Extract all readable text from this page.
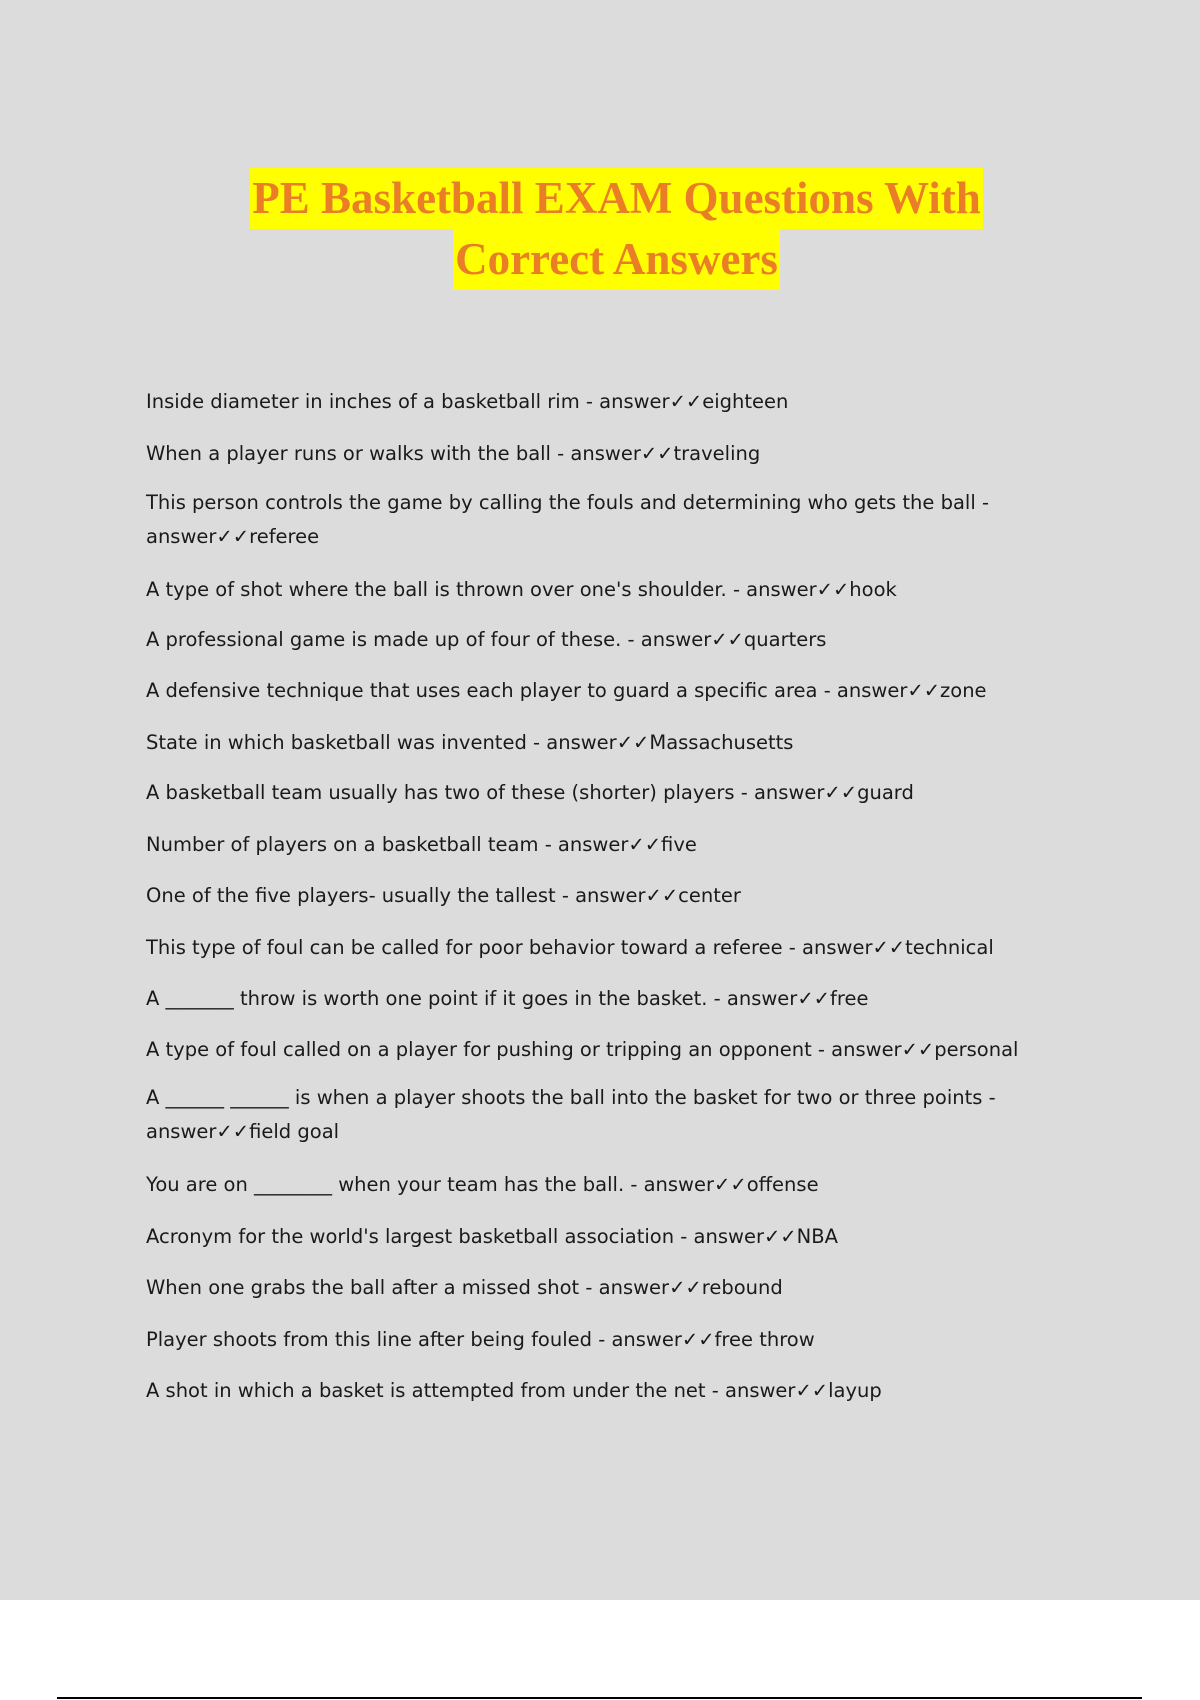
PE Basketball EXAM Questions With
Correct Answers
Inside diameter in inches of a basketball rim - answer✓✓eighteen
When a player runs or walks with the ball - answer✓✓traveling
This person controls the game by calling the fouls and determining who gets the ball - answer✓✓referee
A type of shot where the ball is thrown over one's shoulder. - answer✓✓hook
A professional game is made up of four of these. - answer✓✓quarters
A defensive technique that uses each player to guard a specific area - answer✓✓zone
State in which basketball was invented - answer✓✓Massachusetts
A basketball team usually has two of these (shorter) players - answer✓✓guard
Number of players on a basketball team - answer✓✓five
One of the five players- usually the tallest - answer✓✓center
This type of foul can be called for poor behavior toward a referee - answer✓✓technical
A _______ throw is worth one point if it goes in the basket. - answer✓✓free
A type of foul called on a player for pushing or tripping an opponent - answer✓✓personal
A ______ ______ is when a player shoots the ball into the basket for two or three points - answer✓✓field goal
You are on ________ when your team has the ball. - answer✓✓offense
Acronym for the world's largest basketball association - answer✓✓NBA
When one grabs the ball after a missed shot - answer✓✓rebound
Player shoots from this line after being fouled - answer✓✓free throw
A shot in which a basket is attempted from under the net - answer✓✓layup
